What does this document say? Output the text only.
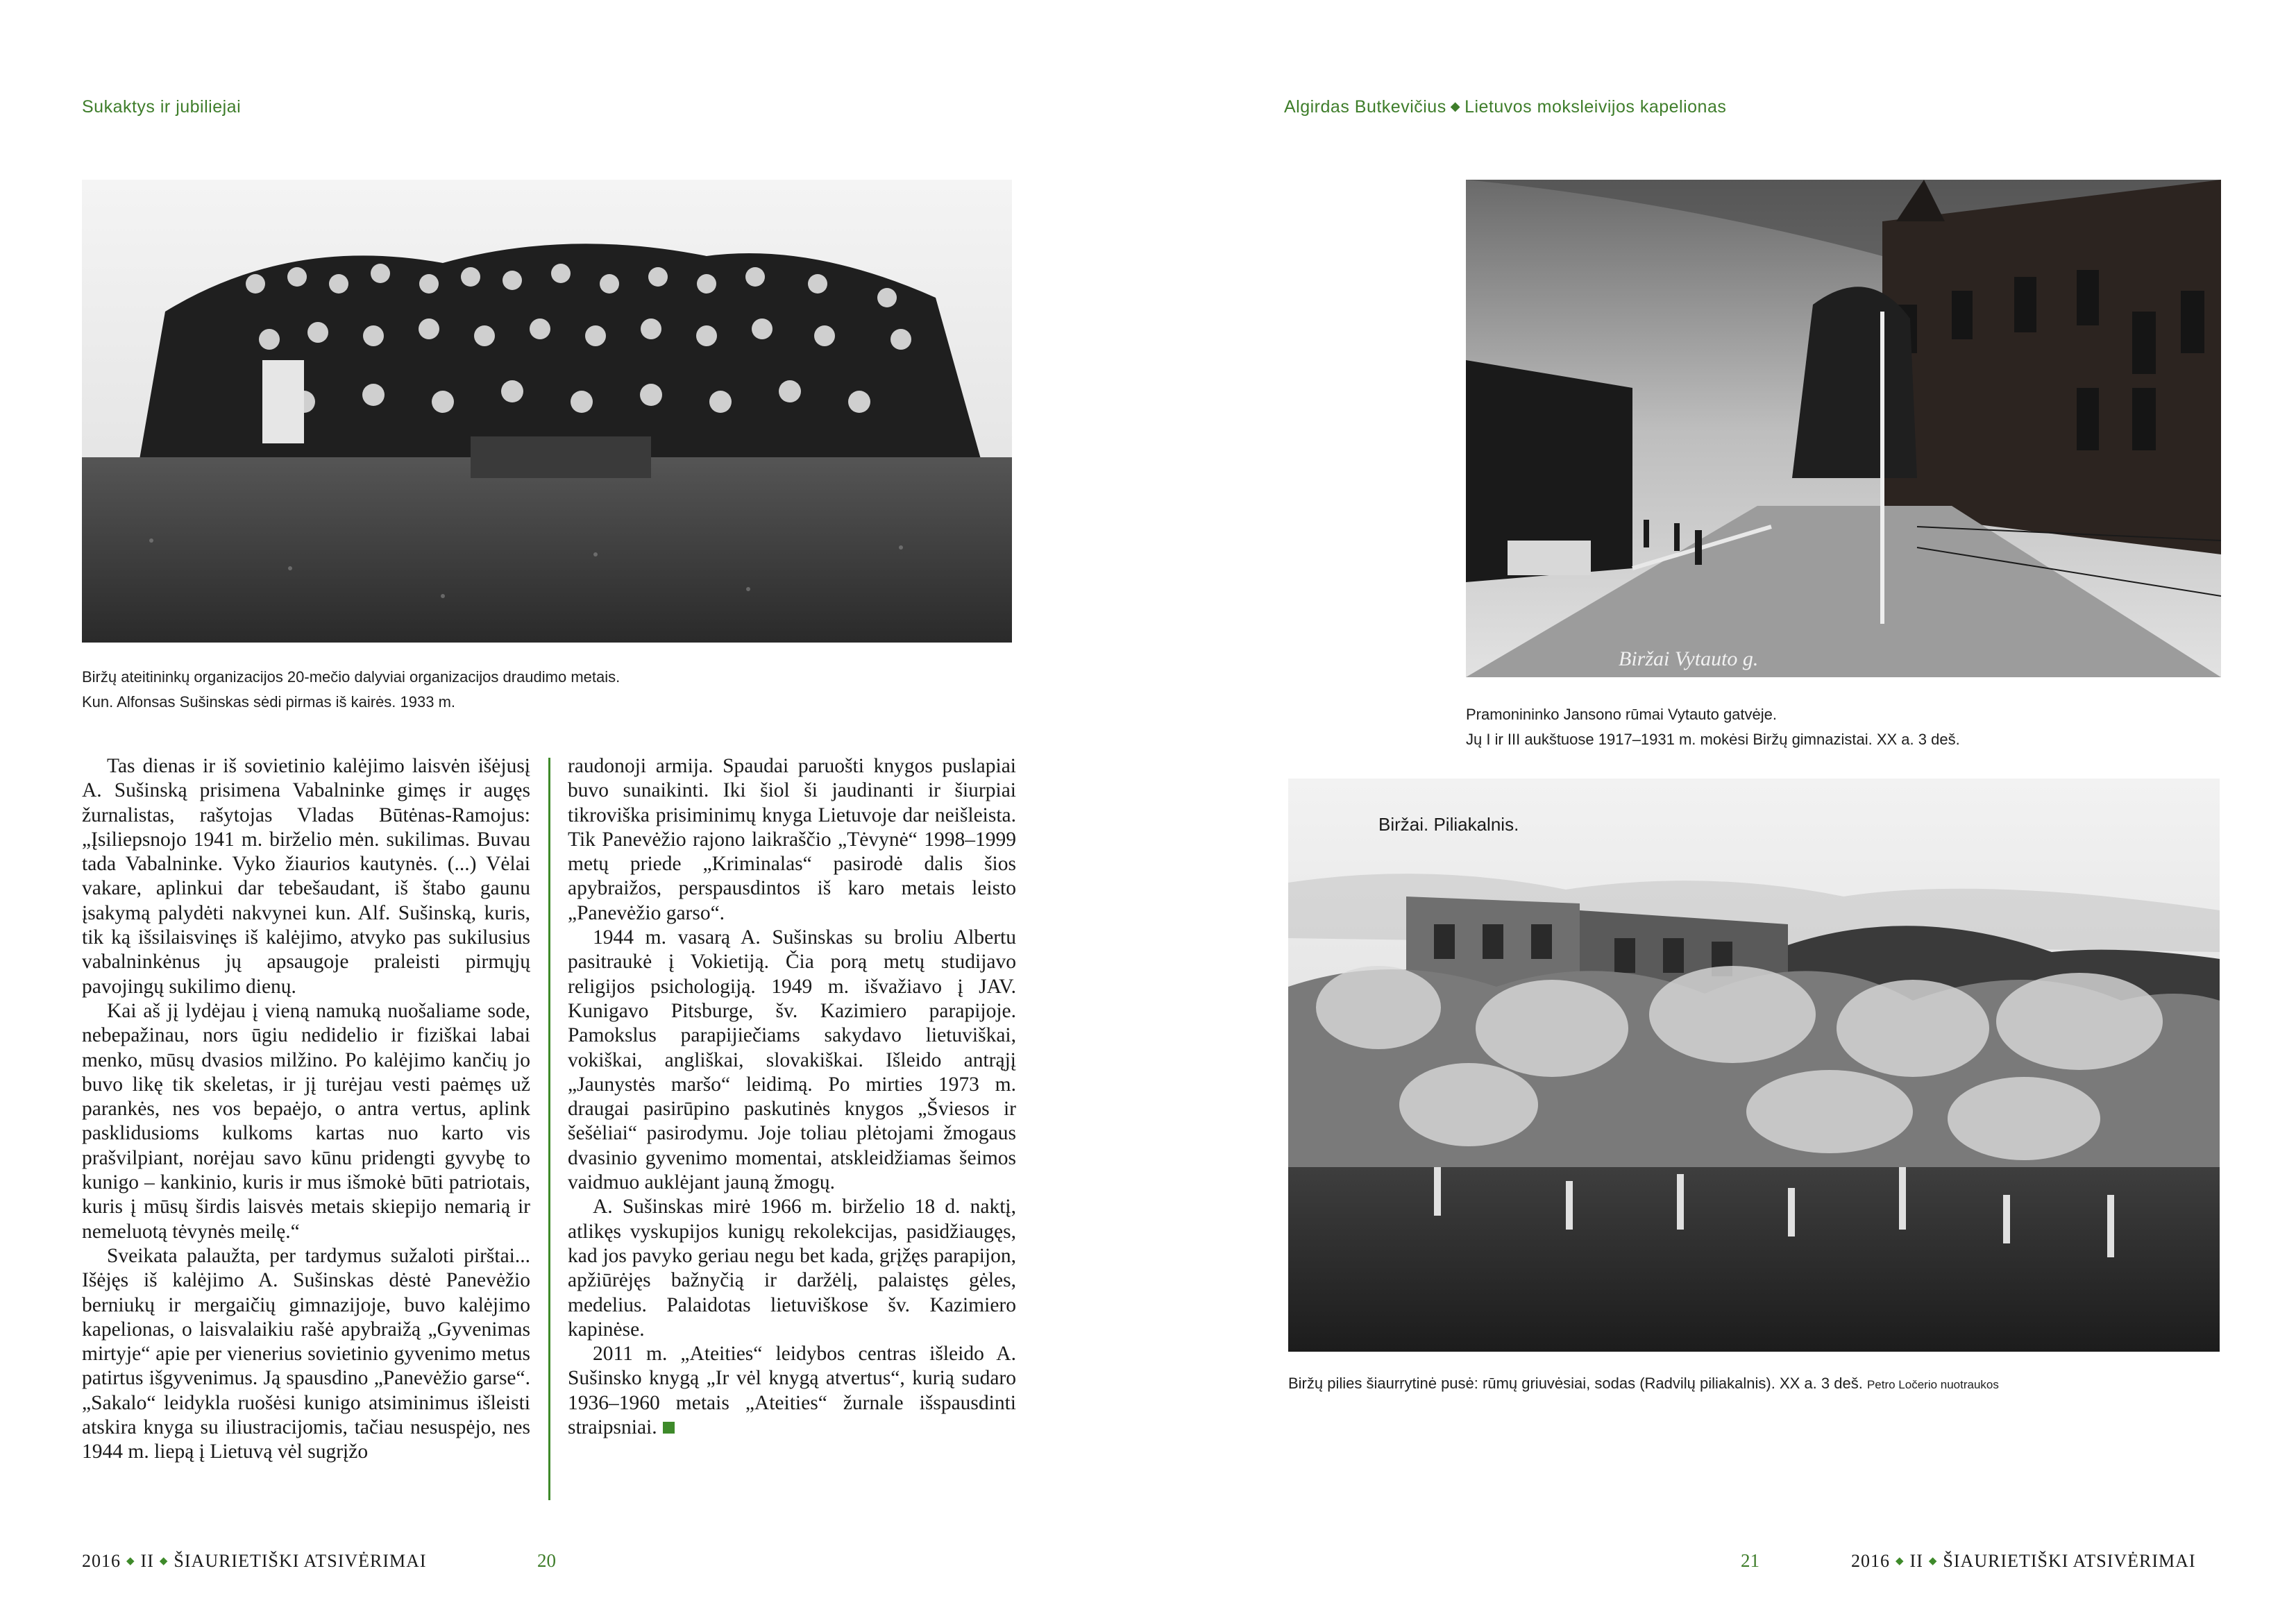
Sukaktys ir jubiliejai	Algirdas Butkevičius ◆ Lietuvos moksleivijos kapelionas
Biržų ateitininkų organizacijos 20-mečio dalyviai organizacijos draudimo metais.
Kun. Alfonsas Sušinskas sėdi pirmas iš kairės. 1933 m.

Tas dienas ir iš sovietinio kalėjimo laisvėn išėjusį A. Sušinską prisimena Vabalninke gimęs ir augęs žurnalistas, rašytojas Vladas Būtėnas-Ramojus: „Įsiliepsnojo 1941 m. birželio mėn. sukilimas. Buvau tada Vabalninke. Vyko žiaurios kautynės. (...) Vėlai vakare, aplinkui dar tebešaudant, iš štabo gaunu įsakymą palydėti nakvynei kun. Alf. Sušinską, kuris, tik ką išsilaisvinęs iš kalėjimo, atvyko pas sukilusius vabalninkėnus jų apsaugoje praleisti pirmųjų pavojingų sukilimo dienų.

Kai aš jį lydėjau į vieną namuką nuošaliame sode, nebepažinau, nors ūgiu nedidelio ir fiziškai labai menko, mūsų dvasios milžino. Po kalėjimo kančių jo buvo likę tik skeletas, ir jį turėjau vesti paėmęs už parankės, nes vos bepaėjo, o antra vertus, aplink pasklidusioms kulkoms kartas nuo karto vis prašvilpiant, norėjau savo kūnu pridengti gyvybę to kunigo – kankinio, kuris ir mus išmokė būti patriotais, kuris į mūsų širdis laisvės metais skiepijo nemarią ir nemeluotą tėvynės meilę.“

Sveikata palaužta, per tardymus sužaloti pirštai... Išėjęs iš kalėjimo A. Sušinskas dėstė Panevėžio berniukų ir mergaičių gimnazijoje, buvo kalėjimo kapelionas, o laisvalaikiu rašė apybraižą „Gyvenimas mirtyje“ apie per vienerius sovietinio gyvenimo metus patirtus išgyvenimus. Ją spausdino „Panevėžio garse“. „Sakalo“ leidykla ruošėsi kunigo atsiminimus išleisti atskira knyga su iliustracijomis, tačiau nesuspėjo, nes 1944 m. liepą į Lietuvą vėl sugrįžo

raudonoji armija. Spaudai paruošti knygos puslapiai buvo sunaikinti. Iki šiol ši jaudinanti ir šiurpiai tikroviška prisiminimų knyga Lietuvoje dar neišleista. Tik Panevėžio rajono laikraščio „Tėvynė“ 1998–1999 metų priede „Kriminalas“ pasirodė dalis šios apybraižos, perspausdintos iš karo metais leisto „Panevėžio garso“.

1944 m. vasarą A. Sušinskas su broliu Albertu pasitraukė į Vokietiją. Čia porą metų studijavo religijos psichologiją. 1949 m. išvažiavo į JAV. Kunigavo Pitsburge, šv. Kazimiero parapijoje. Pamokslus parapijiečiams sakydavo lietuviškai, vokiškai, angliškai, slovakiškai. Išleido antrąjį „Jaunystės maršo“ leidimą. Po mirties 1973 m. draugai pasirūpino paskutinės knygos „Šviesos ir šešėliai“ pasirodymu. Joje toliau plėtojami žmogaus dvasinio gyvenimo momentai, atskleidžiamas šeimos vaidmuo auklėjant jauną žmogų.

A. Sušinskas mirė 1966 m. birželio 18 d. naktį, atlikęs vyskupijos kunigų rekolekcijas, pasidžiaugęs, kad jos pavyko geriau negu bet kada, grįžęs parapijon, apžiūrėjęs bažnyčią ir daržėlį, palaistęs gėles, medelius. Palaidotas lietuviškose šv. Kazimiero kapinėse.

2011 m. „Ateities“ leidybos centras išleido A. Sušinsko knygą „Ir vėl knygą atvertus“, kurią sudaro 1936–1960 metais „Ateities“ žurnale išspausdinti straipsniai.

Biržai Vytauto g.
Pramonininko Jansono rūmai Vytauto gatvėje.
Jų I ir III aukštuose 1917–1931 m. mokėsi Biržų gimnazistai. XX a. 3 deš.
Biržai. Piliakalnis.
Biržų pilies šiaurrytinė pusė: rūmų griuvėsiai, sodas (Radvilų piliakalnis). XX a. 3 deš. Petro Ločerio nuotraukos
2016 ◆ II ◆ ŠIAURIETIŠKI ATSIVĖRIMAI	20	21	2016 ◆ II ◆ ŠIAURIETIŠKI ATSIVĖRIMAI
